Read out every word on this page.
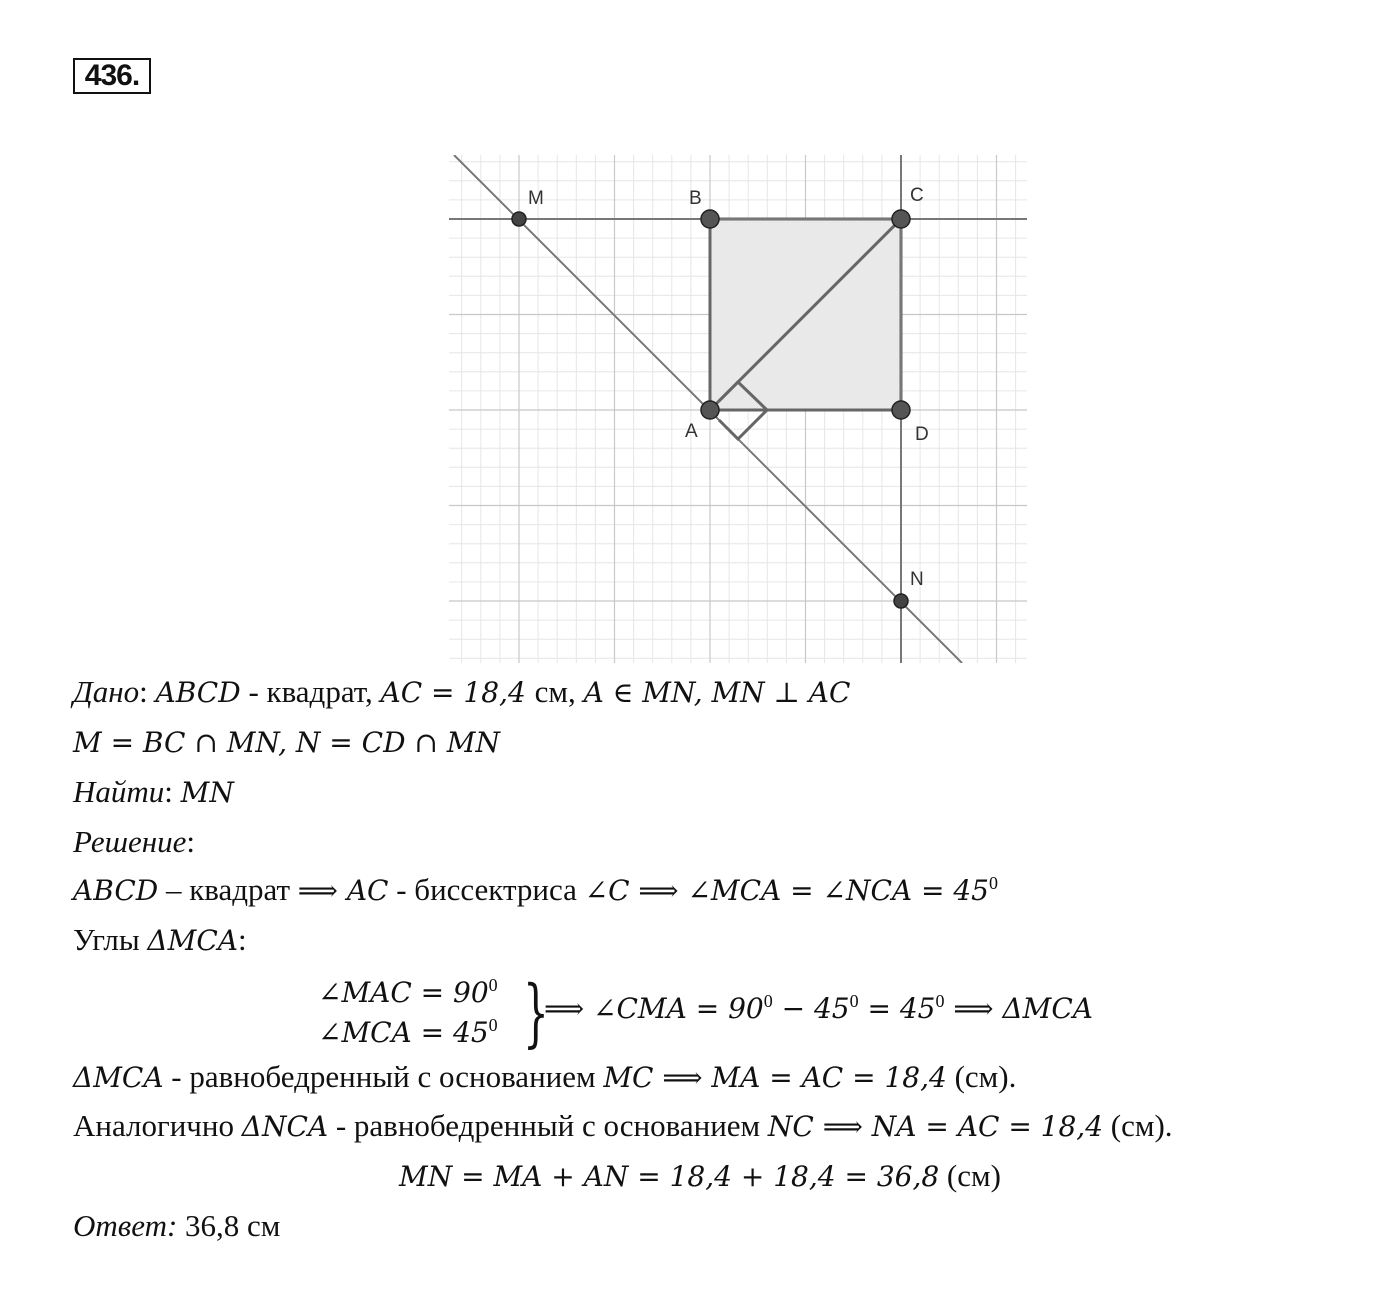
436.
M	B	C
A	D
N
Дано: ABCD - квадрат, AC = 18,4 см, A ∈ MN, MN ⊥ AC
M = BC ∩ MN, N = CD ∩ MN
Найти: MN
Решение:
ABCD – квадрат ⟹ AC - биссектриса ∠C ⟹ ∠MCA = ∠NCA = $45^0$
Углы ΔMCA:
∠MAC = $90^0$
∠MCA = $45^0$ }
⟹ ∠CMA = $90^0 - 45^0 = 45^0$ ⟹ ΔMCA
ΔMCA - равнобедренный с основанием MC ⟹ MA = AC = 18,4 (см).
Аналогично ΔNCA - равнобедренный с основанием NC ⟹ NA = AC = 18,4 (см).
MN = MA + AN = 18,4 + 18,4 = 36,8 (см)
Ответ: 36,8 см
